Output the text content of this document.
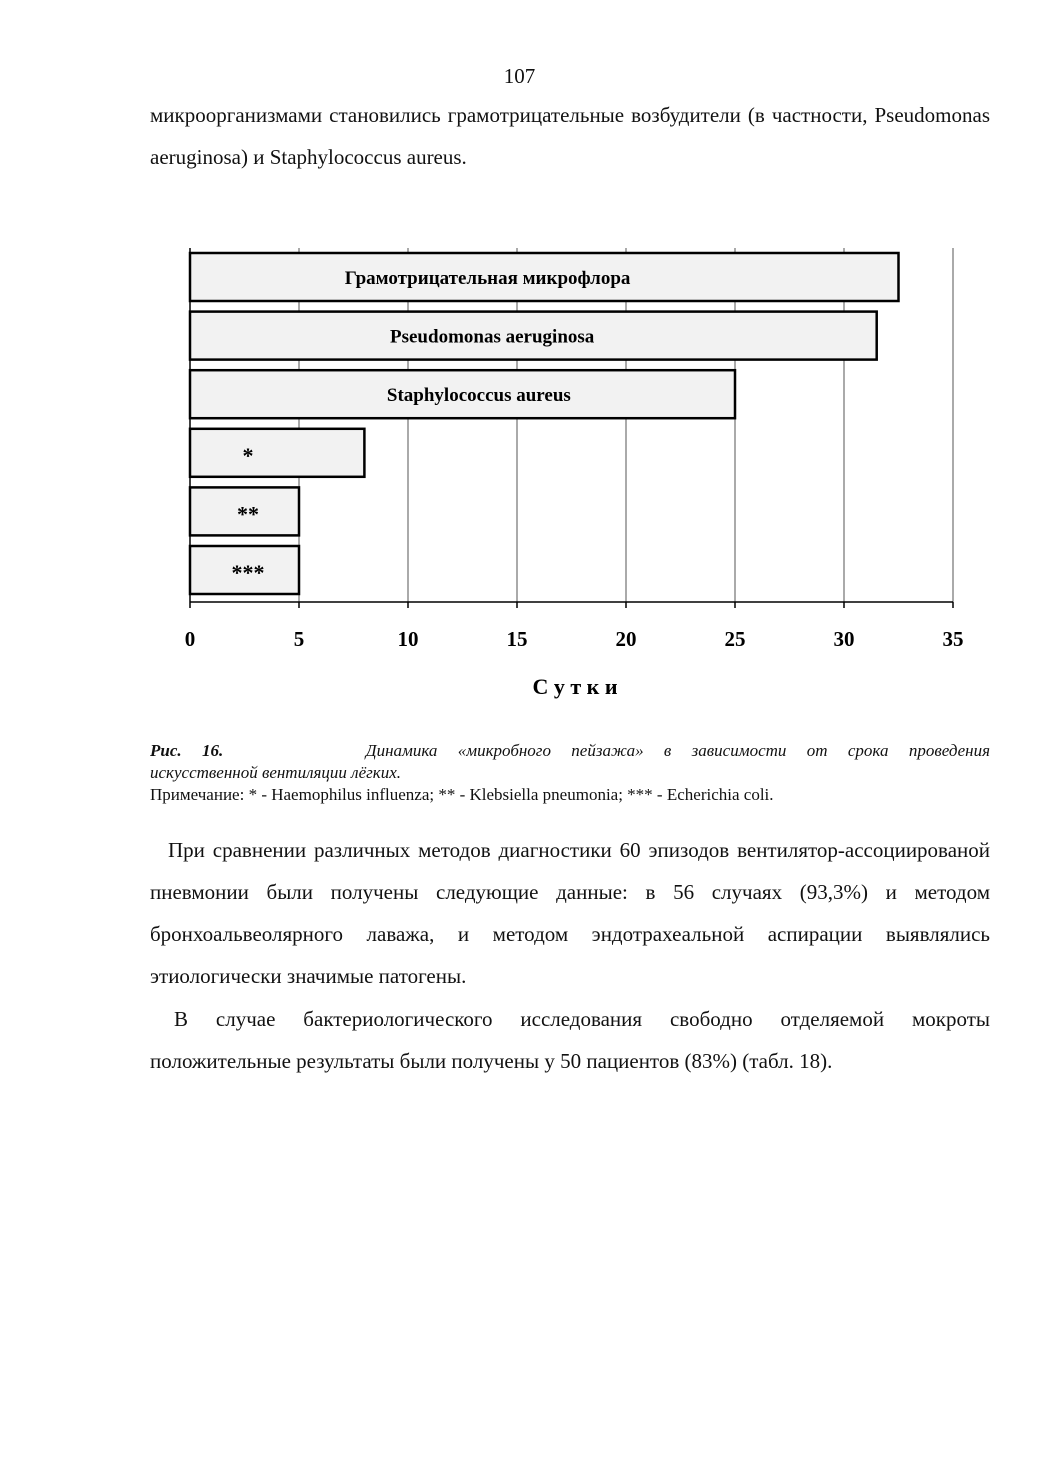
107
микроорганизмами становились грамотрицательные возбудители (в частности, Pseudomonas aeruginosa) и Staphylococcus aureus.
Грамотрицательная микрофлора
Pseudomonas aeruginosa
Staphylococcus aureus
*
**
***
0	5	10	15	20	25	30	35
С у т к и
Рис. 16.	Динамика «микробного пейзажа» в зависимости от срока проведения
искусственной вентиляции лёгких.
Примечание: * - Haemophilus influenza; ** - Klebsiella pneumonia; *** - Echerichia coli.
При сравнении различных методов диагностики 60 эпизодов вентилятор-ассоциированой пневмонии были получены следующие данные: в 56 случаях (93,3%) и методом бронхоальвеолярного лаважа, и методом эндотрахеальной аспирации выявлялись этиологически значимые патогены.
В случае бактериологического исследования свободно отделяемой мокроты положительные результаты были получены у 50 пациентов (83%) (табл. 18).
